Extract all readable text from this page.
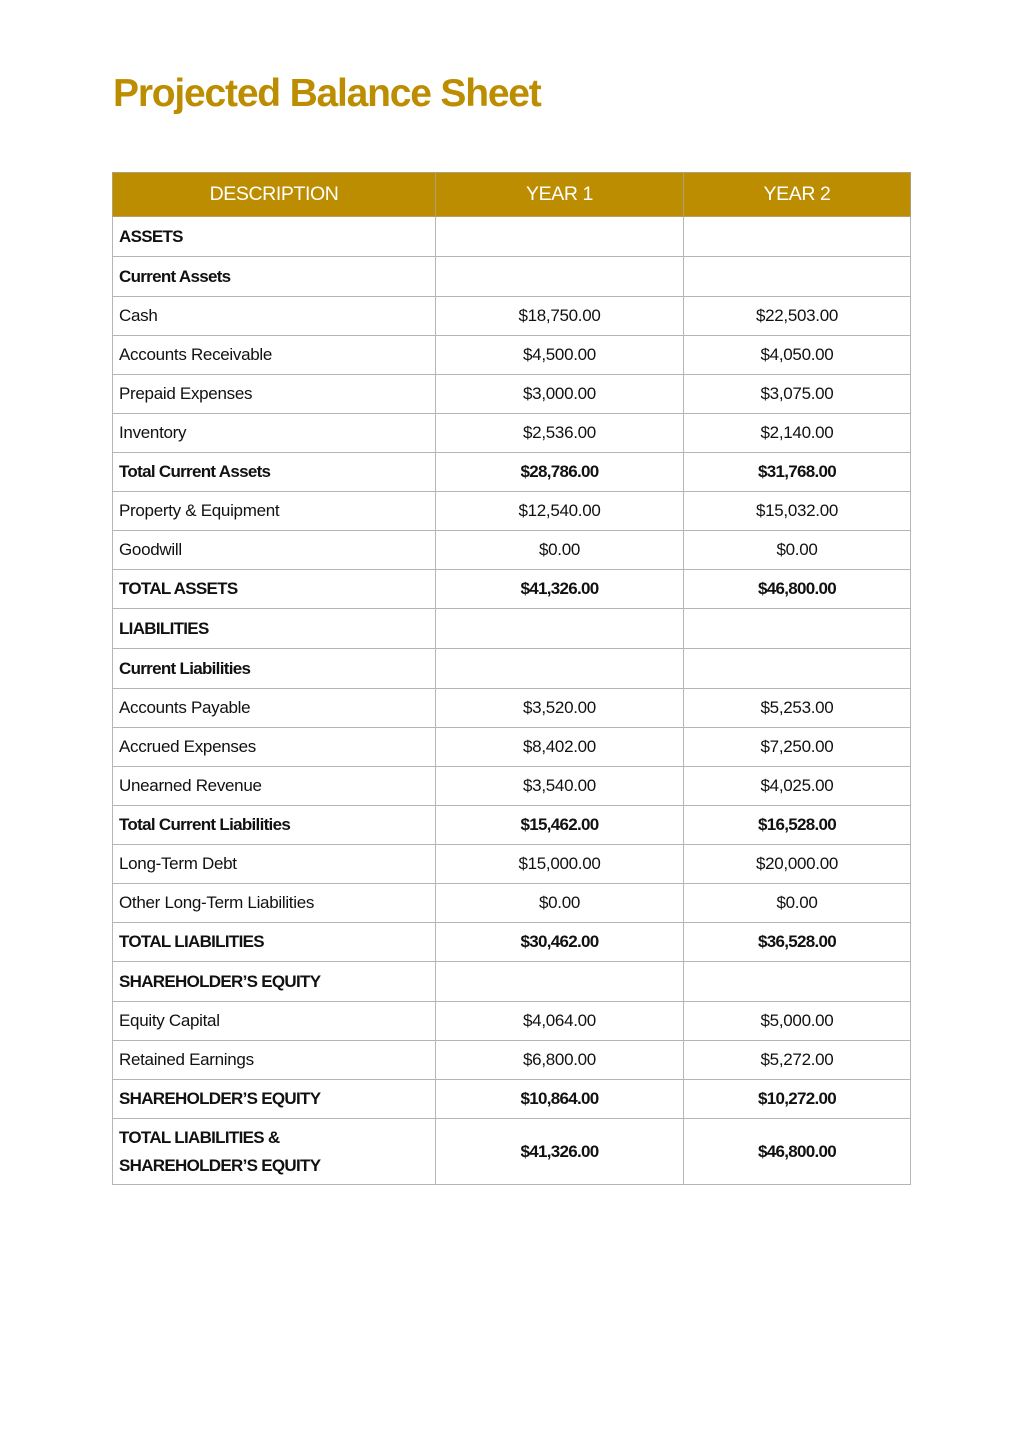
Projected Balance Sheet
DESCRIPTION	YEAR 1	YEAR 2
ASSETS		
Current Assets		
Cash	$18,750.00	$22,503.00
Accounts Receivable	$4,500.00	$4,050.00
Prepaid Expenses	$3,000.00	$3,075.00
Inventory	$2,536.00	$2,140.00
Total Current Assets	$28,786.00	$31,768.00
Property & Equipment	$12,540.00	$15,032.00
Goodwill	$0.00	$0.00
TOTAL ASSETS	$41,326.00	$46,800.00
LIABILITIES		
Current Liabilities		
Accounts Payable	$3,520.00	$5,253.00
Accrued Expenses	$8,402.00	$7,250.00
Unearned Revenue	$3,540.00	$4,025.00
Total Current Liabilities	$15,462.00	$16,528.00
Long-Term Debt	$15,000.00	$20,000.00
Other Long-Term Liabilities	$0.00	$0.00
TOTAL LIABILITIES	$30,462.00	$36,528.00
SHAREHOLDER’S EQUITY		
Equity Capital	$4,064.00	$5,000.00
Retained Earnings	$6,800.00	$5,272.00
SHAREHOLDER’S EQUITY	$10,864.00	$10,272.00

TOTAL LIABILITIES &
SHAREHOLDER’S EQUITY	$41,326.00	$46,800.00
